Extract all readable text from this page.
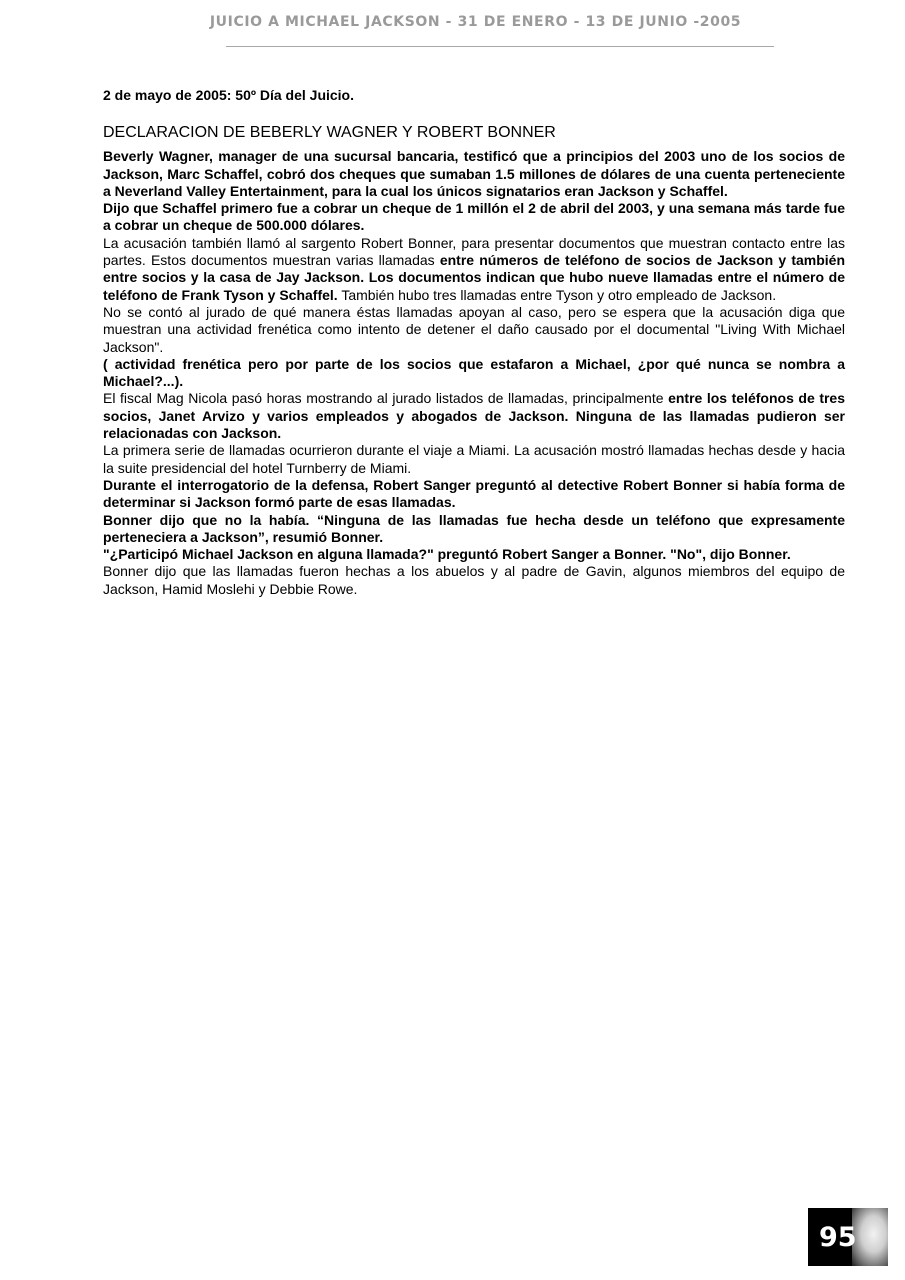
JUICIO A MICHAEL JACKSON - 31 DE ENERO - 13 DE JUNIO -2005
2 de mayo de 2005: 50º Día del Juicio.
DECLARACION DE BEBERLY WAGNER Y ROBERT BONNER

Beverly Wagner, manager de una sucursal bancaria, testificó que a principios del 2003 uno de los socios de Jackson, Marc Schaffel, cobró dos cheques que sumaban 1.5 millones de dólares de una cuenta perteneciente a Neverland Valley Entertainment, para la cual los únicos signatarios eran Jackson y Schaffel.

Dijo que Schaffel primero fue a cobrar un cheque de 1 millón el 2 de abril del 2003, y una semana más tarde fue a cobrar un cheque de 500.000 dólares.

La acusación también llamó al sargento Robert Bonner, para presentar documentos que muestran contacto entre las partes. Estos documentos muestran varias llamadas entre números de teléfono de socios de Jackson y también entre socios y la casa de Jay Jackson. Los documentos indican que hubo nueve llamadas entre el número de teléfono de Frank Tyson y Schaffel. También hubo tres llamadas entre Tyson y otro empleado de Jackson.

No se contó al jurado de qué manera éstas llamadas apoyan al caso, pero se espera que la acusación diga que muestran una actividad frenética como intento de detener el daño causado por el documental "Living With Michael Jackson".

( actividad frenética pero por parte de los socios que estafaron a Michael, ¿por qué nunca se nombra a Michael?...).

El fiscal Mag Nicola pasó horas mostrando al jurado listados de llamadas, principalmente entre los teléfonos de tres socios, Janet Arvizo y varios empleados y abogados de Jackson. Ninguna de las llamadas pudieron ser relacionadas con Jackson.

La primera serie de llamadas ocurrieron durante el viaje a Miami. La acusación mostró llamadas hechas desde y hacia la suite presidencial del hotel Turnberry de Miami.

Durante el interrogatorio de la defensa, Robert Sanger preguntó al detective Robert Bonner si había forma de determinar si Jackson formó parte de esas llamadas.

Bonner dijo que no la había. “Ninguna de las llamadas fue hecha desde un teléfono que expresamente perteneciera a Jackson”, resumió Bonner.

"¿Participó Michael Jackson en alguna llamada?" preguntó Robert Sanger a Bonner. "No", dijo Bonner.

Bonner dijo que las llamadas fueron hechas a los abuelos y al padre de Gavin, algunos miembros del equipo de Jackson, Hamid Moslehi y Debbie Rowe.

95
